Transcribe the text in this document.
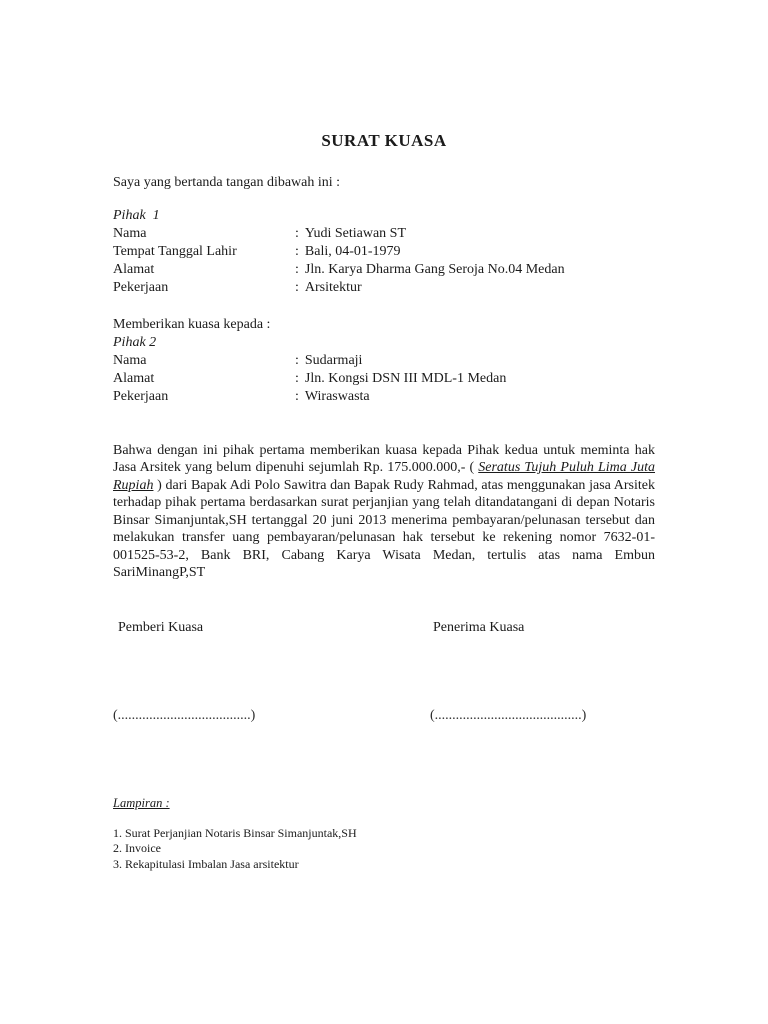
SURAT KUASA

Saya yang bertanda tangan dibawah ini :

Pihak  1

Nama	: Yudi Setiawan ST
Tempat Tanggal Lahir	: Bali, 04-01-1979
Alamat	: Jln. Karya Dharma Gang Seroja No.04 Medan
Pekerjaan	: Arsitektur

Memberikan kuasa kepada :

Pihak 2

Nama	: Sudarmaji
Alamat	: Jln. Kongsi DSN III MDL-1 Medan
Pekerjaan	: Wiraswasta

Bahwa dengan ini pihak pertama memberikan kuasa kepada Pihak kedua untuk meminta hak Jasa Arsitek yang belum dipenuhi sejumlah Rp. 175.000.000,- ( Seratus Tujuh Puluh Lima Juta Rupiah ) dari Bapak Adi Polo Sawitra dan Bapak Rudy Rahmad, atas menggunakan jasa Arsitek terhadap pihak pertama berdasarkan surat perjanjian yang telah ditandatangani di depan Notaris Binsar Simanjuntak,SH tertanggal 20 juni 2013 menerima pembayaran/pelunasan tersebut dan melakukan transfer uang pembayaran/pelunasan hak tersebut ke rekening nomor 7632-01-001525-53-2, Bank BRI, Cabang Karya Wisata Medan, tertulis atas nama Embun SariMinangP,ST

Pemberi Kuasa	Penerima Kuasa
(......................................)	(..........................................)

Lampiran :

1. Surat Perjanjian Notaris Binsar Simanjuntak,SH
2. Invoice
3. Rekapitulasi Imbalan Jasa arsitektur
